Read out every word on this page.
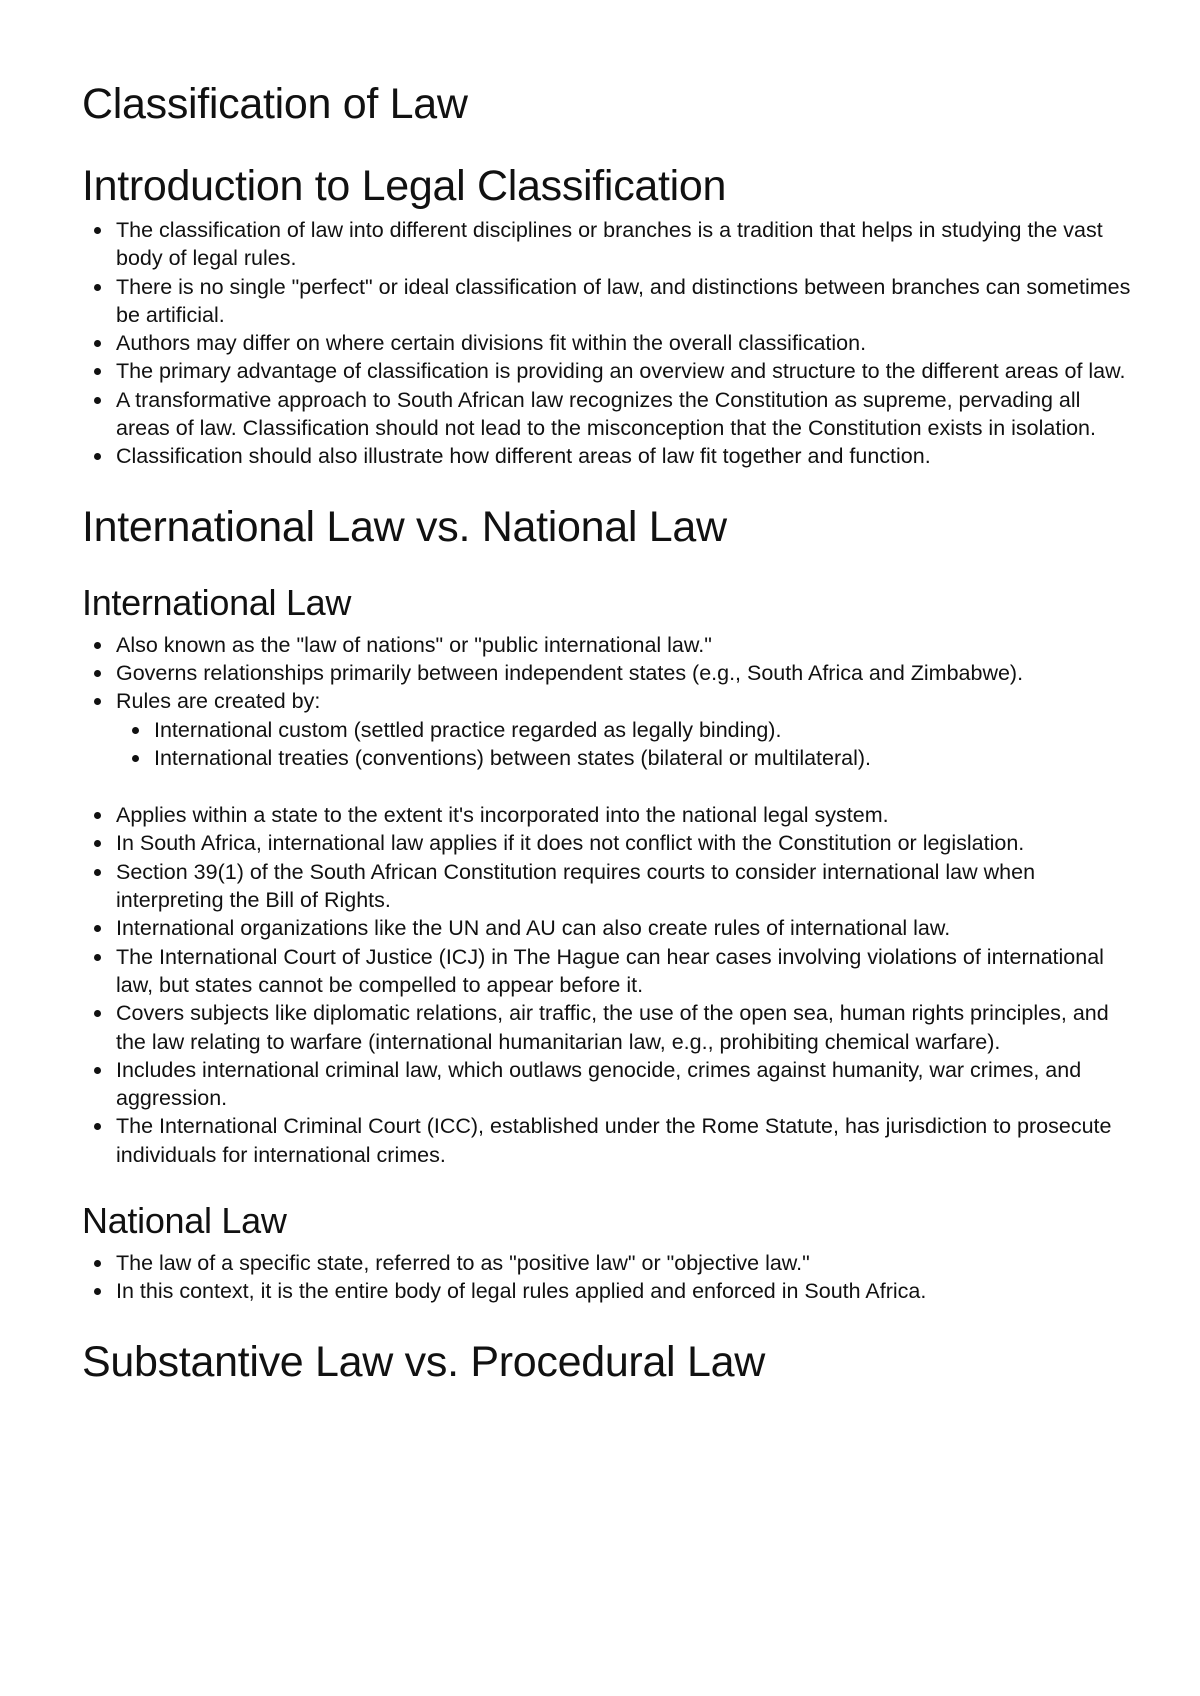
Classification of Law
Introduction to Legal Classification
The classification of law into different disciplines or branches is a tradition that helps in studying the vast body of legal rules.
There is no single "perfect" or ideal classification of law, and distinctions between branches can sometimes be artificial.
Authors may differ on where certain divisions fit within the overall classification.
The primary advantage of classification is providing an overview and structure to the different areas of law.
A transformative approach to South African law recognizes the Constitution as supreme, pervading all areas of law. Classification should not lead to the misconception that the Constitution exists in isolation.
Classification should also illustrate how different areas of law fit together and function.
International Law vs. National Law
International Law
Also known as the "law of nations" or "public international law."
Governs relationships primarily between independent states (e.g., South Africa and Zimbabwe).
Rules are created by:
International custom (settled practice regarded as legally binding).
International treaties (conventions) between states (bilateral or multilateral).
Applies within a state to the extent it's incorporated into the national legal system.
In South Africa, international law applies if it does not conflict with the Constitution or legislation.
Section 39(1) of the South African Constitution requires courts to consider international law when interpreting the Bill of Rights.
International organizations like the UN and AU can also create rules of international law.
The International Court of Justice (ICJ) in The Hague can hear cases involving violations of international law, but states cannot be compelled to appear before it.
Covers subjects like diplomatic relations, air traffic, the use of the open sea, human rights principles, and the law relating to warfare (international humanitarian law, e.g., prohibiting chemical warfare).
Includes international criminal law, which outlaws genocide, crimes against humanity, war crimes, and aggression.
The International Criminal Court (ICC), established under the Rome Statute, has jurisdiction to prosecute individuals for international crimes.
National Law
The law of a specific state, referred to as "positive law" or "objective law."
In this context, it is the entire body of legal rules applied and enforced in South Africa.
Substantive Law vs. Procedural Law
